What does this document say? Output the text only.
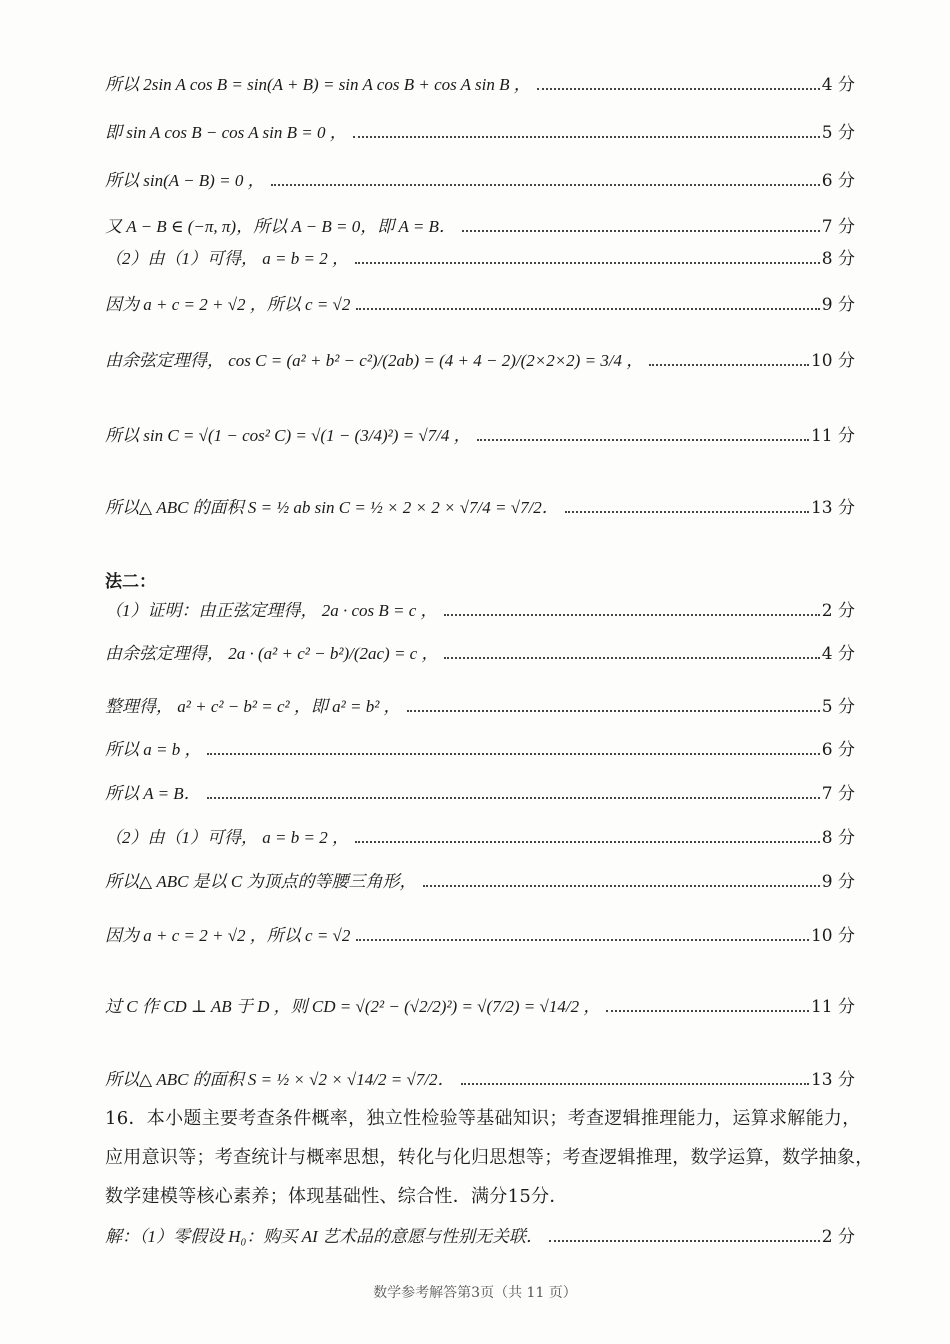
所以 2sin A cos B = sin(A + B) = sin A cos B + cos A sin B ，	4 分
即 sin A cos B − cos A sin B = 0 ，	5 分
所以 sin(A − B) = 0 ，	6 分
又 A − B ∈ (−π, π)，所以 A − B = 0，即 A = B．	7 分
（2）由（1）可得， a = b = 2 ，	8 分
因为 a + c = 2 + √2 ，所以 c = √2	9 分
由余弦定理得， cos C = (a² + b² − c²)/(2ab) = (4 + 4 − 2)/(2×2×2) = 3/4 ，	10 分
所以 sin C = √(1 − cos² C) = √(1 − (3/4)²) = √7/4 ，	11 分
所以△ ABC 的面积 S = ½ ab sin C = ½ × 2 × 2 × √7/4 = √7/2．	13 分
法二：
（1）证明：由正弦定理得， 2a · cos B = c ，	2 分
由余弦定理得， 2a · (a² + c² − b²)/(2ac) = c ，	4 分
整理得， a² + c² − b² = c² ，即 a² = b² ，	5 分
所以 a = b ，	6 分
所以 A = B．	7 分
（2）由（1）可得， a = b = 2 ，	8 分
所以△ ABC 是以 C 为顶点的等腰三角形，	9 分
因为 a + c = 2 + √2 ，所以 c = √2	10 分
过 C 作 CD ⊥ AB 于 D ，则 CD = √(2² − (√2/2)²) = √(7/2) = √14/2 ，	11 分
所以△ ABC 的面积 S = ½ × √2 × √14/2 = √7/2．	13 分
16．本小题主要考查条件概率，独立性检验等基础知识；考查逻辑推理能力，运算求解能力，应用意识等；考查统计与概率思想，转化与化归思想等；考查逻辑推理，数学运算，数学抽象，数学建模等核心素养；体现基础性、综合性．满分15分．
解：（1）零假设 H₀：购买 AI 艺术品的意愿与性别无关联．	2 分
数学参考解答第3页（共 11 页）
